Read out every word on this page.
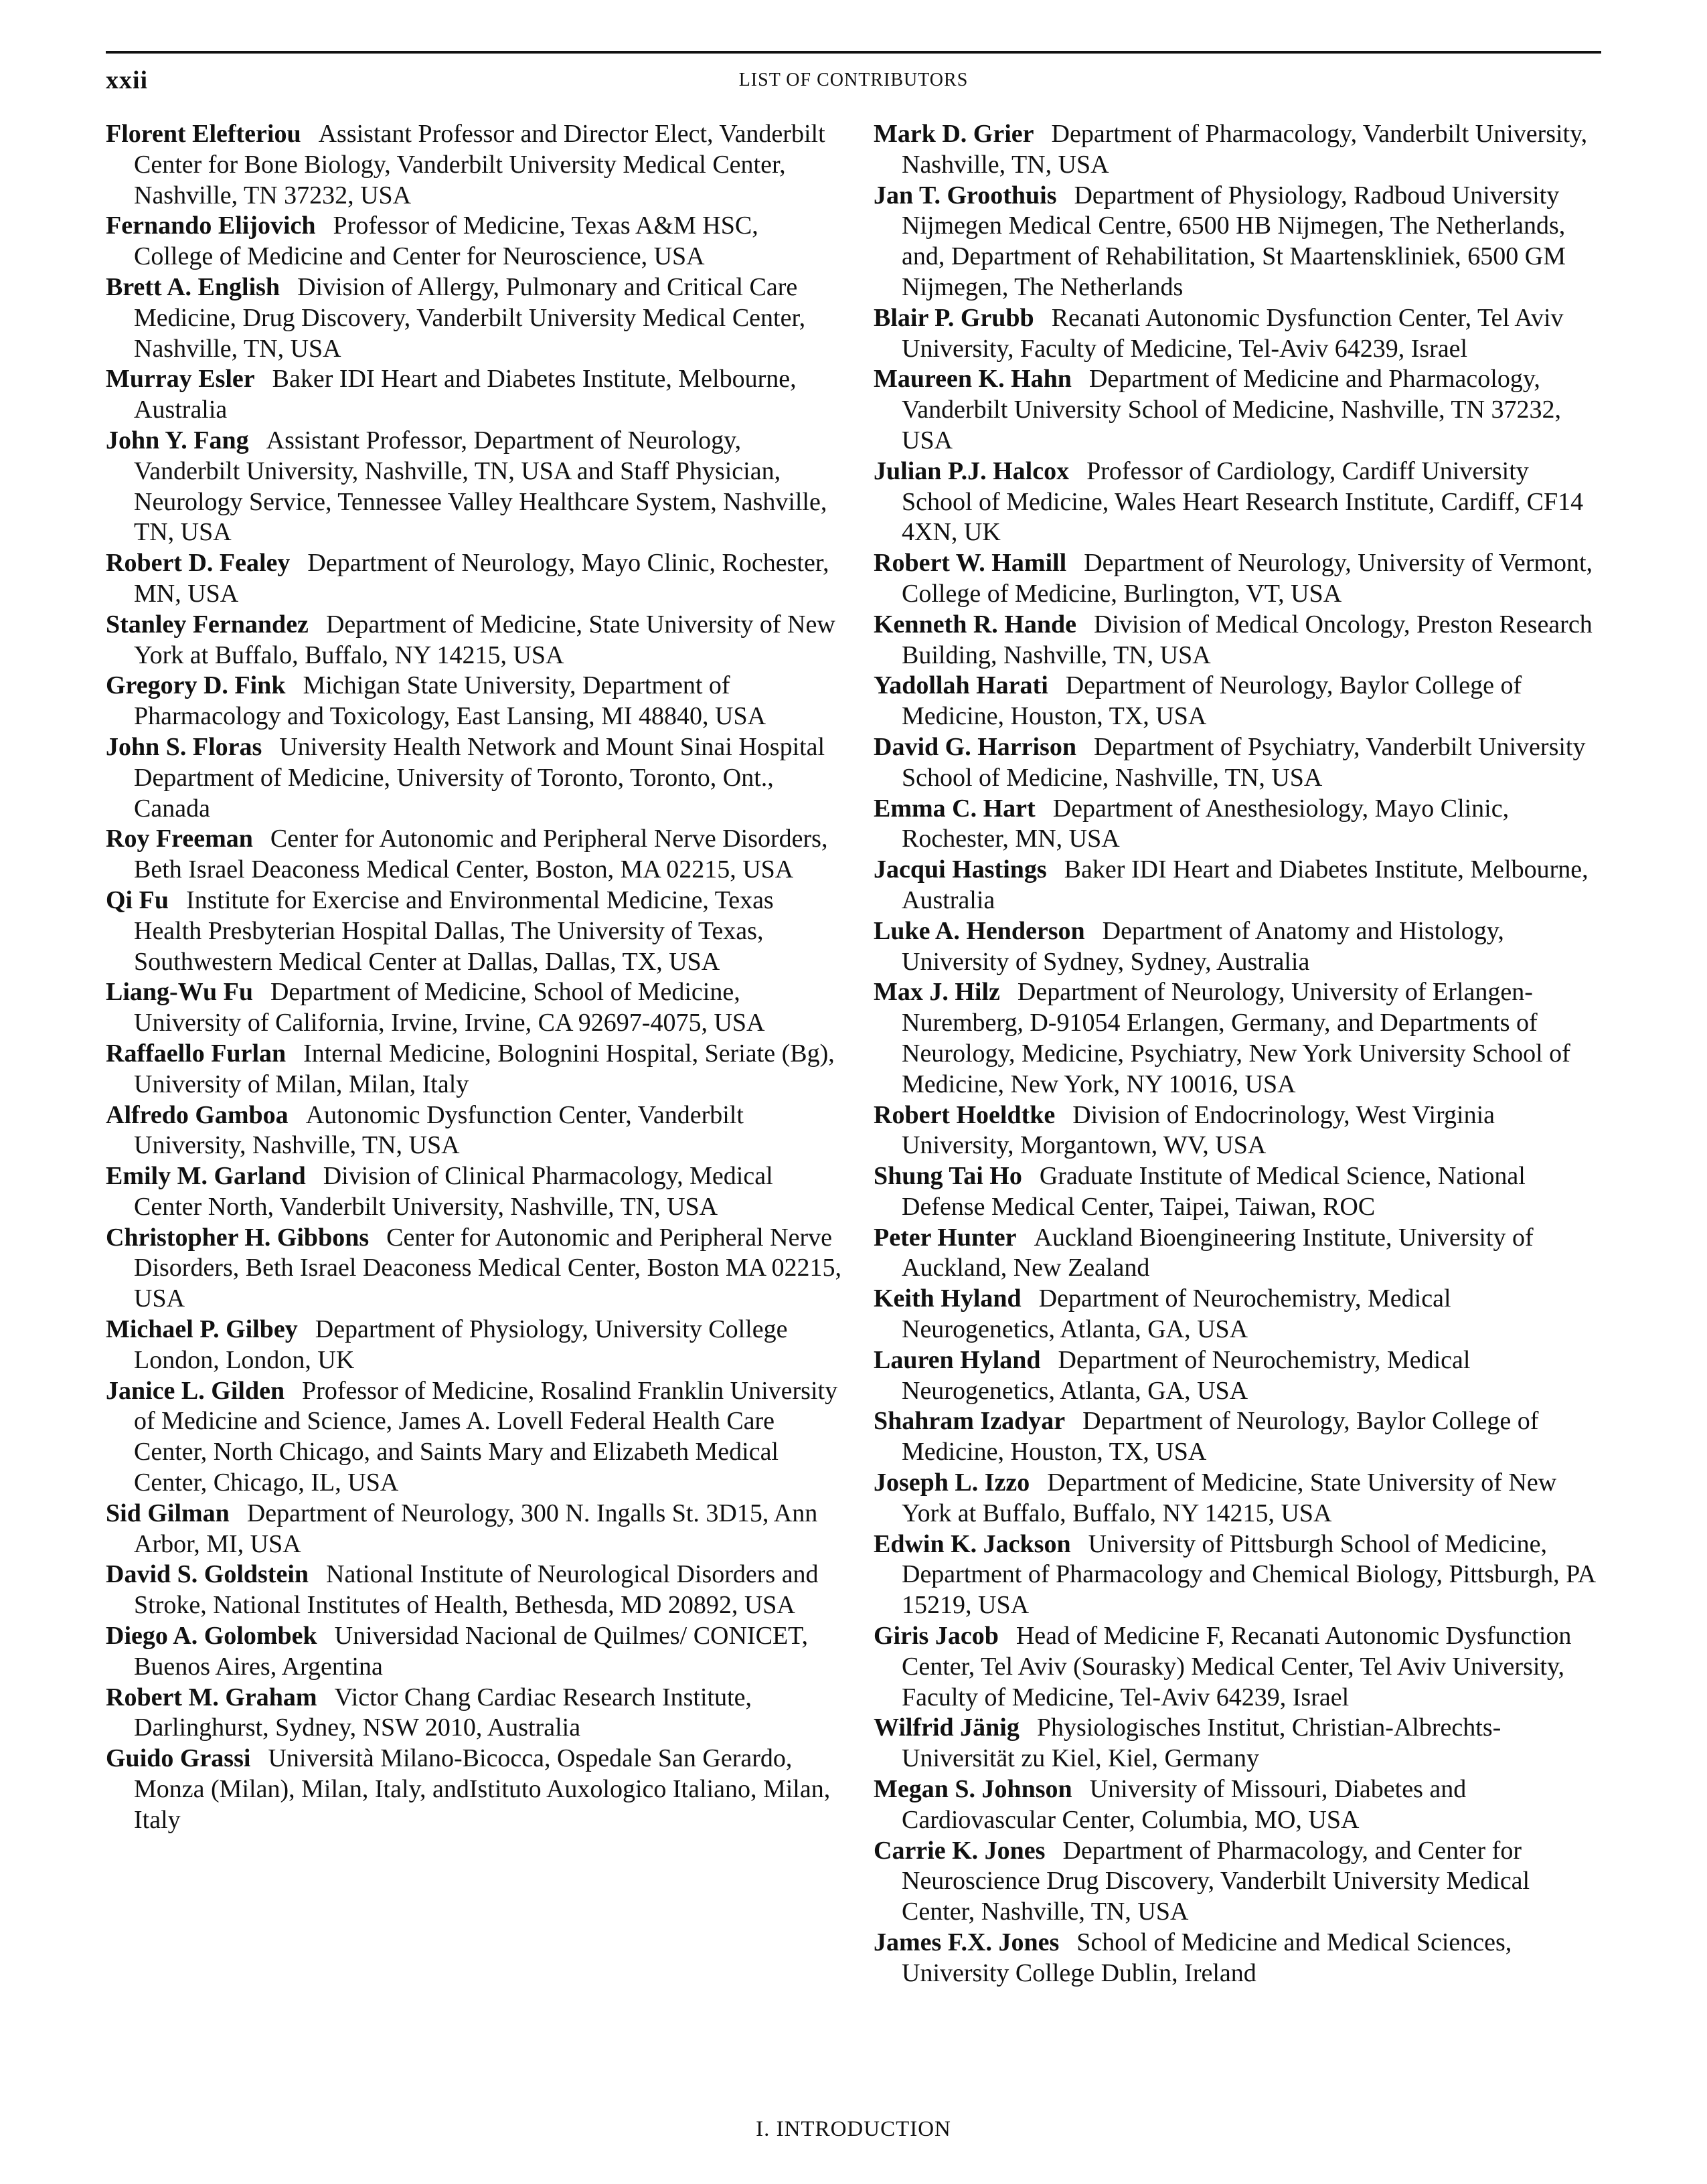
xxii	LIST OF CONTRIBUTORS

Florent Elefteriou Assistant Professor and Director Elect, Vanderbilt Center for Bone Biology, Vanderbilt University Medical Center, Nashville, TN 37232, USA

Fernando Elijovich Professor of Medicine, Texas A&M HSC, College of Medicine and Center for Neuroscience, USA

Brett A. English Division of Allergy, Pulmonary and Critical Care Medicine, Drug Discovery, Vanderbilt University Medical Center, Nashville, TN, USA

Murray Esler Baker IDI Heart and Diabetes Institute, Melbourne, Australia

John Y. Fang Assistant Professor, Department of Neurology, Vanderbilt University, Nashville, TN, USA and Staff Physician, Neurology Service, Tennessee Valley Healthcare System, Nashville, TN, USA

Robert D. Fealey Department of Neurology, Mayo Clinic, Rochester, MN, USA

Stanley Fernandez Department of Medicine, State University of New York at Buffalo, Buffalo, NY 14215, USA

Gregory D. Fink Michigan State University, Department of Pharmacology and Toxicology, East Lansing, MI 48840, USA

John S. Floras University Health Network and Mount Sinai Hospital Department of Medicine, University of Toronto, Toronto, Ont., Canada

Roy Freeman Center for Autonomic and Peripheral Nerve Disorders, Beth Israel Deaconess Medical Center, Boston, MA 02215, USA

Qi Fu Institute for Exercise and Environmental Medicine, Texas Health Presbyterian Hospital Dallas, The University of Texas, Southwestern Medical Center at Dallas, Dallas, TX, USA

Liang-Wu Fu Department of Medicine, School of Medicine, University of California, Irvine, Irvine, CA 92697-4075, USA

Raffaello Furlan Internal Medicine, Bolognini Hospital, Seriate (Bg), University of Milan, Milan, Italy

Alfredo Gamboa Autonomic Dysfunction Center, Vanderbilt University, Nashville, TN, USA

Emily M. Garland Division of Clinical Pharmacology, Medical Center North, Vanderbilt University, Nashville, TN, USA

Christopher H. Gibbons Center for Autonomic and Peripheral Nerve Disorders, Beth Israel Deaconess Medical Center, Boston MA 02215, USA

Michael P. Gilbey Department of Physiology, University College London, London, UK

Janice L. Gilden Professor of Medicine, Rosalind Franklin University of Medicine and Science, James A. Lovell Federal Health Care Center, North Chicago, and Saints Mary and Elizabeth Medical Center, Chicago, IL, USA

Sid Gilman Department of Neurology, 300 N. Ingalls St. 3D15, Ann Arbor, MI, USA

David S. Goldstein National Institute of Neurological Disorders and Stroke, National Institutes of Health, Bethesda, MD 20892, USA

Diego A. Golombek Universidad Nacional de Quilmes/ CONICET, Buenos Aires, Argentina

Robert M. Graham Victor Chang Cardiac Research Institute, Darlinghurst, Sydney, NSW 2010, Australia

Guido Grassi Università Milano-Bicocca, Ospedale San Gerardo, Monza (Milan), Milan, Italy, andIstituto Auxologico Italiano, Milan, Italy

Mark D. Grier Department of Pharmacology, Vanderbilt University, Nashville, TN, USA

Jan T. Groothuis Department of Physiology, Radboud University Nijmegen Medical Centre, 6500 HB Nijmegen, The Netherlands, and, Department of Rehabilitation, St Maartenskliniek, 6500 GM Nijmegen, The Netherlands

Blair P. Grubb Recanati Autonomic Dysfunction Center, Tel Aviv University, Faculty of Medicine, Tel-Aviv 64239, Israel

Maureen K. Hahn Department of Medicine and Pharmacology, Vanderbilt University School of Medicine, Nashville, TN 37232, USA

Julian P.J. Halcox Professor of Cardiology, Cardiff University School of Medicine, Wales Heart Research Institute, Cardiff, CF14 4XN, UK

Robert W. Hamill Department of Neurology, University of Vermont, College of Medicine, Burlington, VT, USA

Kenneth R. Hande Division of Medical Oncology, Preston Research Building, Nashville, TN, USA

Yadollah Harati Department of Neurology, Baylor College of Medicine, Houston, TX, USA

David G. Harrison Department of Psychiatry, Vanderbilt University School of Medicine, Nashville, TN, USA

Emma C. Hart Department of Anesthesiology, Mayo Clinic, Rochester, MN, USA

Jacqui Hastings Baker IDI Heart and Diabetes Institute, Melbourne, Australia

Luke A. Henderson Department of Anatomy and Histology, University of Sydney, Sydney, Australia

Max J. Hilz Department of Neurology, University of Erlangen-Nuremberg, D-91054 Erlangen, Germany, and Departments of Neurology, Medicine, Psychiatry, New York University School of Medicine, New York, NY 10016, USA

Robert Hoeldtke Division of Endocrinology, West Virginia University, Morgantown, WV, USA

Shung Tai Ho Graduate Institute of Medical Science, National Defense Medical Center, Taipei, Taiwan, ROC

Peter Hunter Auckland Bioengineering Institute, University of Auckland, New Zealand

Keith Hyland Department of Neurochemistry, Medical Neurogenetics, Atlanta, GA, USA

Lauren Hyland Department of Neurochemistry, Medical Neurogenetics, Atlanta, GA, USA

Shahram Izadyar Department of Neurology, Baylor College of Medicine, Houston, TX, USA

Joseph L. Izzo Department of Medicine, State University of New York at Buffalo, Buffalo, NY 14215, USA

Edwin K. Jackson University of Pittsburgh School of Medicine, Department of Pharmacology and Chemical Biology, Pittsburgh, PA 15219, USA

Giris Jacob Head of Medicine F, Recanati Autonomic Dysfunction Center, Tel Aviv (Sourasky) Medical Center, Tel Aviv University, Faculty of Medicine, Tel-Aviv 64239, Israel

Wilfrid Jänig Physiologisches Institut, Christian-Albrechts-Universität zu Kiel, Kiel, Germany

Megan S. Johnson University of Missouri, Diabetes and Cardiovascular Center, Columbia, MO, USA

Carrie K. Jones Department of Pharmacology, and Center for Neuroscience Drug Discovery, Vanderbilt University Medical Center, Nashville, TN, USA

James F.X. Jones School of Medicine and Medical Sciences, University College Dublin, Ireland

I. INTRODUCTION
